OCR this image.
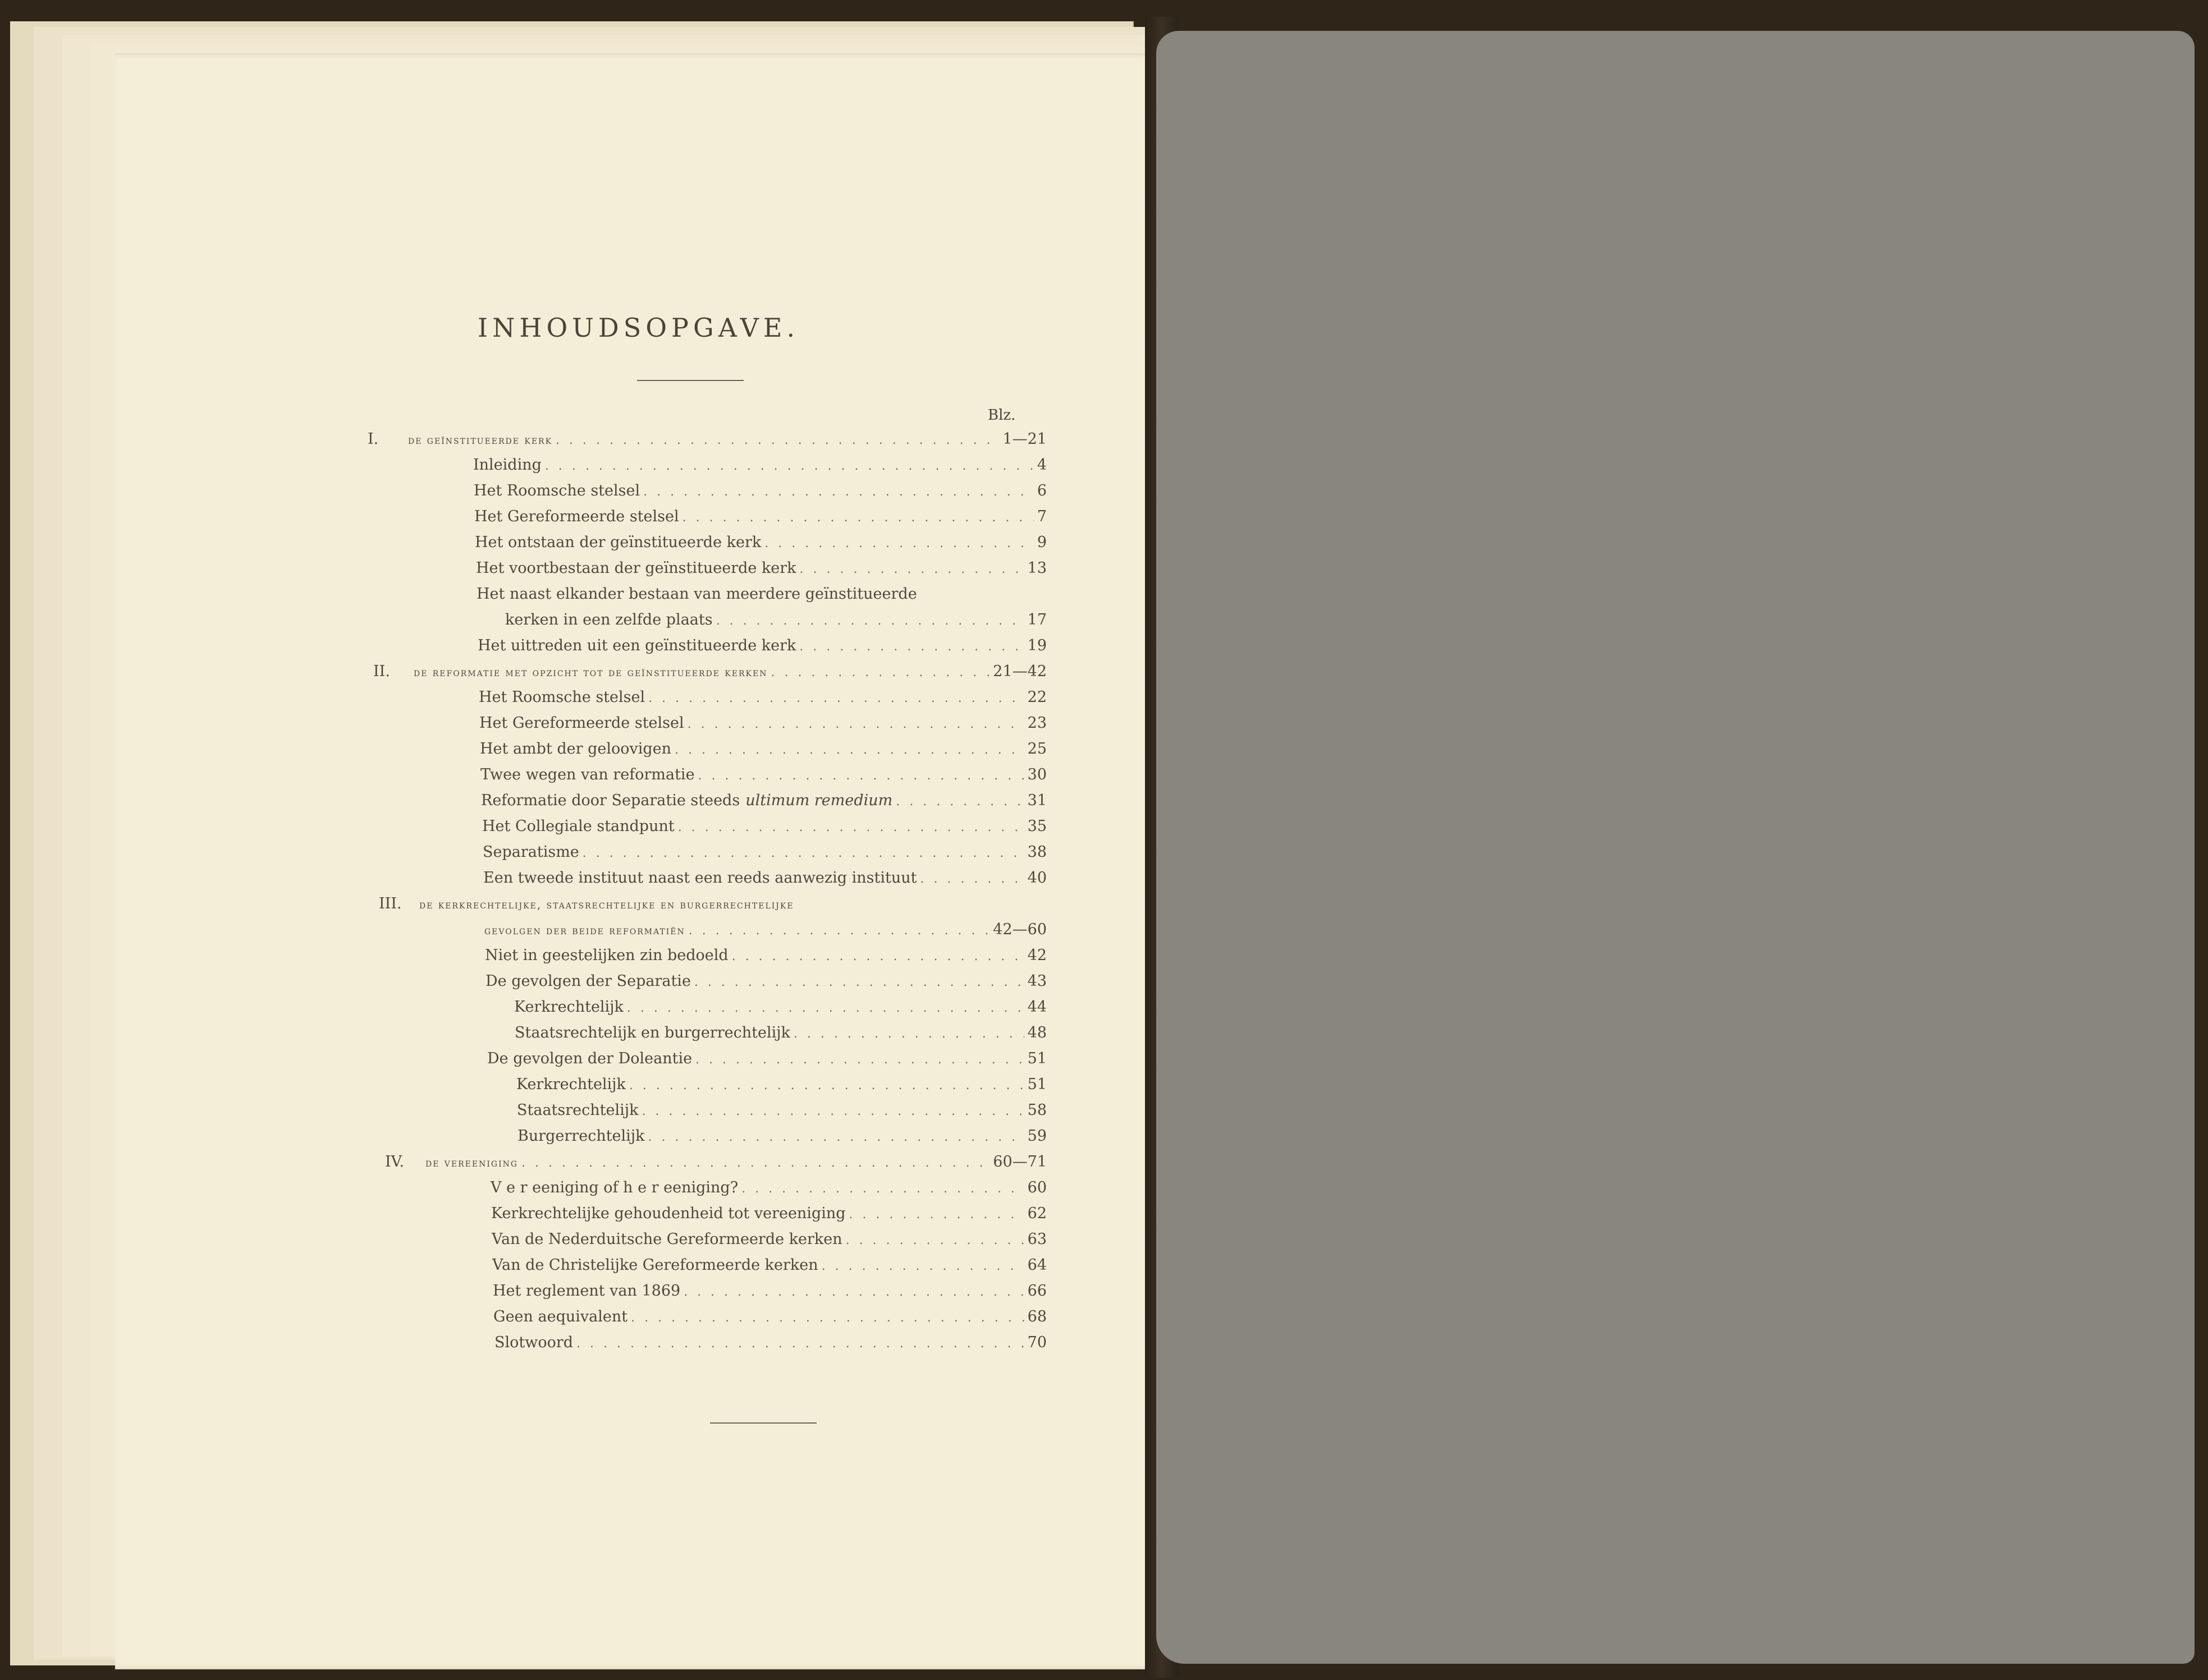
INHOUDSOPGAVE.
Blz.
I.	de geïnstitueerde kerk . . .	1—21
Inleiding . . .	4
Het Roomsche stelsel . . .	6
Het Gereformeerde stelsel . . .	7
Het ontstaan der geïnstitueerde kerk . . .	9
Het voortbestaan der geïnstitueerde kerk . . .	13
Het naast elkander bestaan van meerdere geïnstitueerde
kerken in een zelfde plaats . . .	17
Het uittreden uit een geïnstitueerde kerk . . .	19
II.	de reformatie met opzicht tot de geïnstitueerde kerken . . .	21—42
Het Roomsche stelsel . . .	22
Het Gereformeerde stelsel . . .	23
Het ambt der geloovigen . . .	25
Twee wegen van reformatie . . .	30
Reformatie door Separatie steeds ultimum remedium . . .	31
Het Collegiale standpunt . . .	35
Separatisme . . .	38
Een tweede instituut naast een reeds aanwezig instituut . . .	40
III.	de kerkrechtelijke, staatsrechtelijke en burgerrechtelijke
gevolgen der beide reformatiën . . .	42—60
Niet in geestelijken zin bedoeld . . .	42
De gevolgen der Separatie . . .	43
Kerkrechtelijk . . .	44
Staatsrechtelijk en burgerrechtelijk . . .	48
De gevolgen der Doleantie . . .	51
Kerkrechtelijk . . .	51
Staatsrechtelijk . . .	58
Burgerrechtelijk . . .	59
IV.	de vereeniging . . .	60—71
V e r eeniging of h e r eeniging? . . .	60
Kerkrechtelijke gehoudenheid tot vereeniging . . .	62
Van de Nederduitsche Gereformeerde kerken . . .	63
Van de Christelijke Gereformeerde kerken . . .	64
Het reglement van 1869 . . .	66
Geen aequivalent . . .	68
Slotwoord . . .	70
